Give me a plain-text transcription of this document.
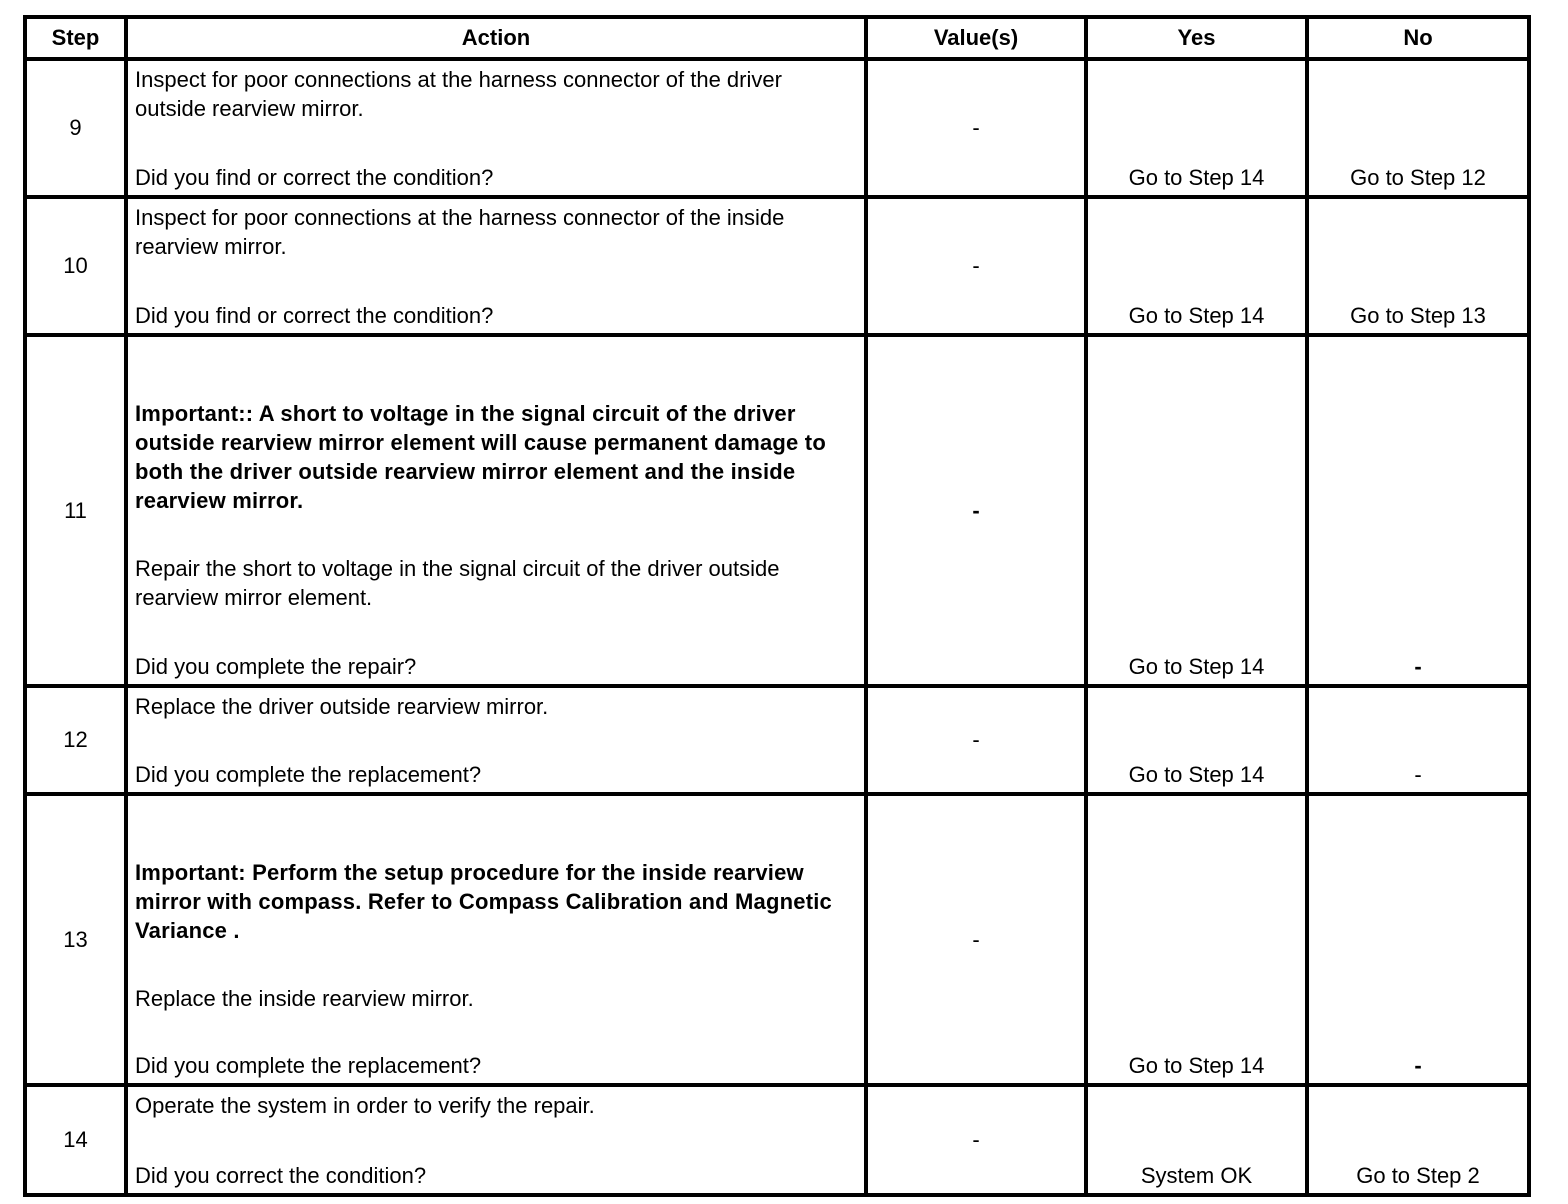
Step	Action	Value(s)	Yes	No
9	Inspect for poor connections at the harness connector of the driver outside rearview mirror.

Did you find or correct the condition?	-	Go to Step 14	Go to Step 12

10	Inspect for poor connections at the harness connector of the inside rearview mirror.

Did you find or correct the condition?	-	Go to Step 14	Go to Step 13

11	Important:: A short to voltage in the signal circuit of the driver outside rearview mirror element will cause permanent damage to both the driver outside rearview mirror element and the inside rearview mirror.

Repair the short to voltage in the signal circuit of the driver outside rearview mirror element.

Did you complete the repair?	-	Go to Step 14	-

12	Replace the driver outside rearview mirror.

Did you complete the replacement?	-	Go to Step 14	-

13	Important: Perform the setup procedure for the inside rearview mirror with compass. Refer to Compass Calibration and Magnetic Variance .

Replace the inside rearview mirror.

Did you complete the replacement?	-	Go to Step 14	-

14	Operate the system in order to verify the repair.

Did you correct the condition?	-	System OK	Go to Step 2
